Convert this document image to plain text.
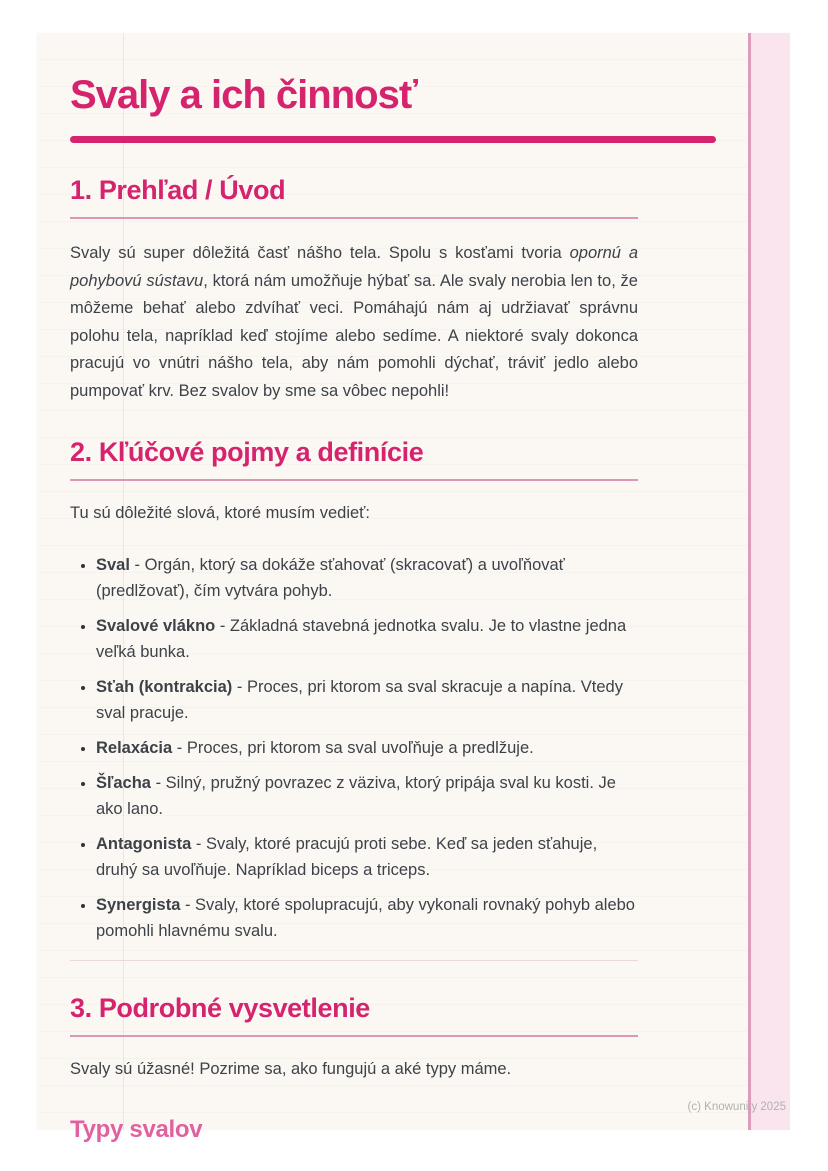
Svaly a ich činnosť
1. Prehľad / Úvod

Svaly sú super dôležitá časť nášho tela. Spolu s kosťami tvoria opornú a pohybovú sústavu, ktorá nám umožňuje hýbať sa. Ale svaly nerobia len to, že môžeme behať alebo zdvíhať veci. Pomáhajú nám aj udržiavať správnu polohu tela, napríklad keď stojíme alebo sedíme. A niektoré svaly dokonca pracujú vo vnútri nášho tela, aby nám pomohli dýchať, tráviť jedlo alebo pumpovať krv. Bez svalov by sme sa vôbec nepohli!

2. Kľúčové pojmy a definície
Tu sú dôležité slová, ktoré musím vedieť:
• Sval - Orgán, ktorý sa dokáže sťahovať (skracovať) a uvoľňovať (predlžovať), čím vytvára pohyb.
• Svalové vlákno - Základná stavebná jednotka svalu. Je to vlastne jedna veľká bunka.
• Sťah (kontrakcia) - Proces, pri ktorom sa sval skracuje a napína. Vtedy sval pracuje.
• Relaxácia - Proces, pri ktorom sa sval uvoľňuje a predlžuje.
• Šľacha - Silný, pružný povrazec z väziva, ktorý pripája sval ku kosti. Je ako lano.
• Antagonista - Svaly, ktoré pracujú proti sebe. Keď sa jeden sťahuje, druhý sa uvoľňuje. Napríklad biceps a triceps.
• Synergista - Svaly, ktoré spolupracujú, aby vykonali rovnaký pohyb alebo pomohli hlavnému svalu.
3. Podrobné vysvetlenie
Svaly sú úžasné! Pozrime sa, ako fungujú a aké typy máme.
Typy svalov
(c) Knowunity 2025
